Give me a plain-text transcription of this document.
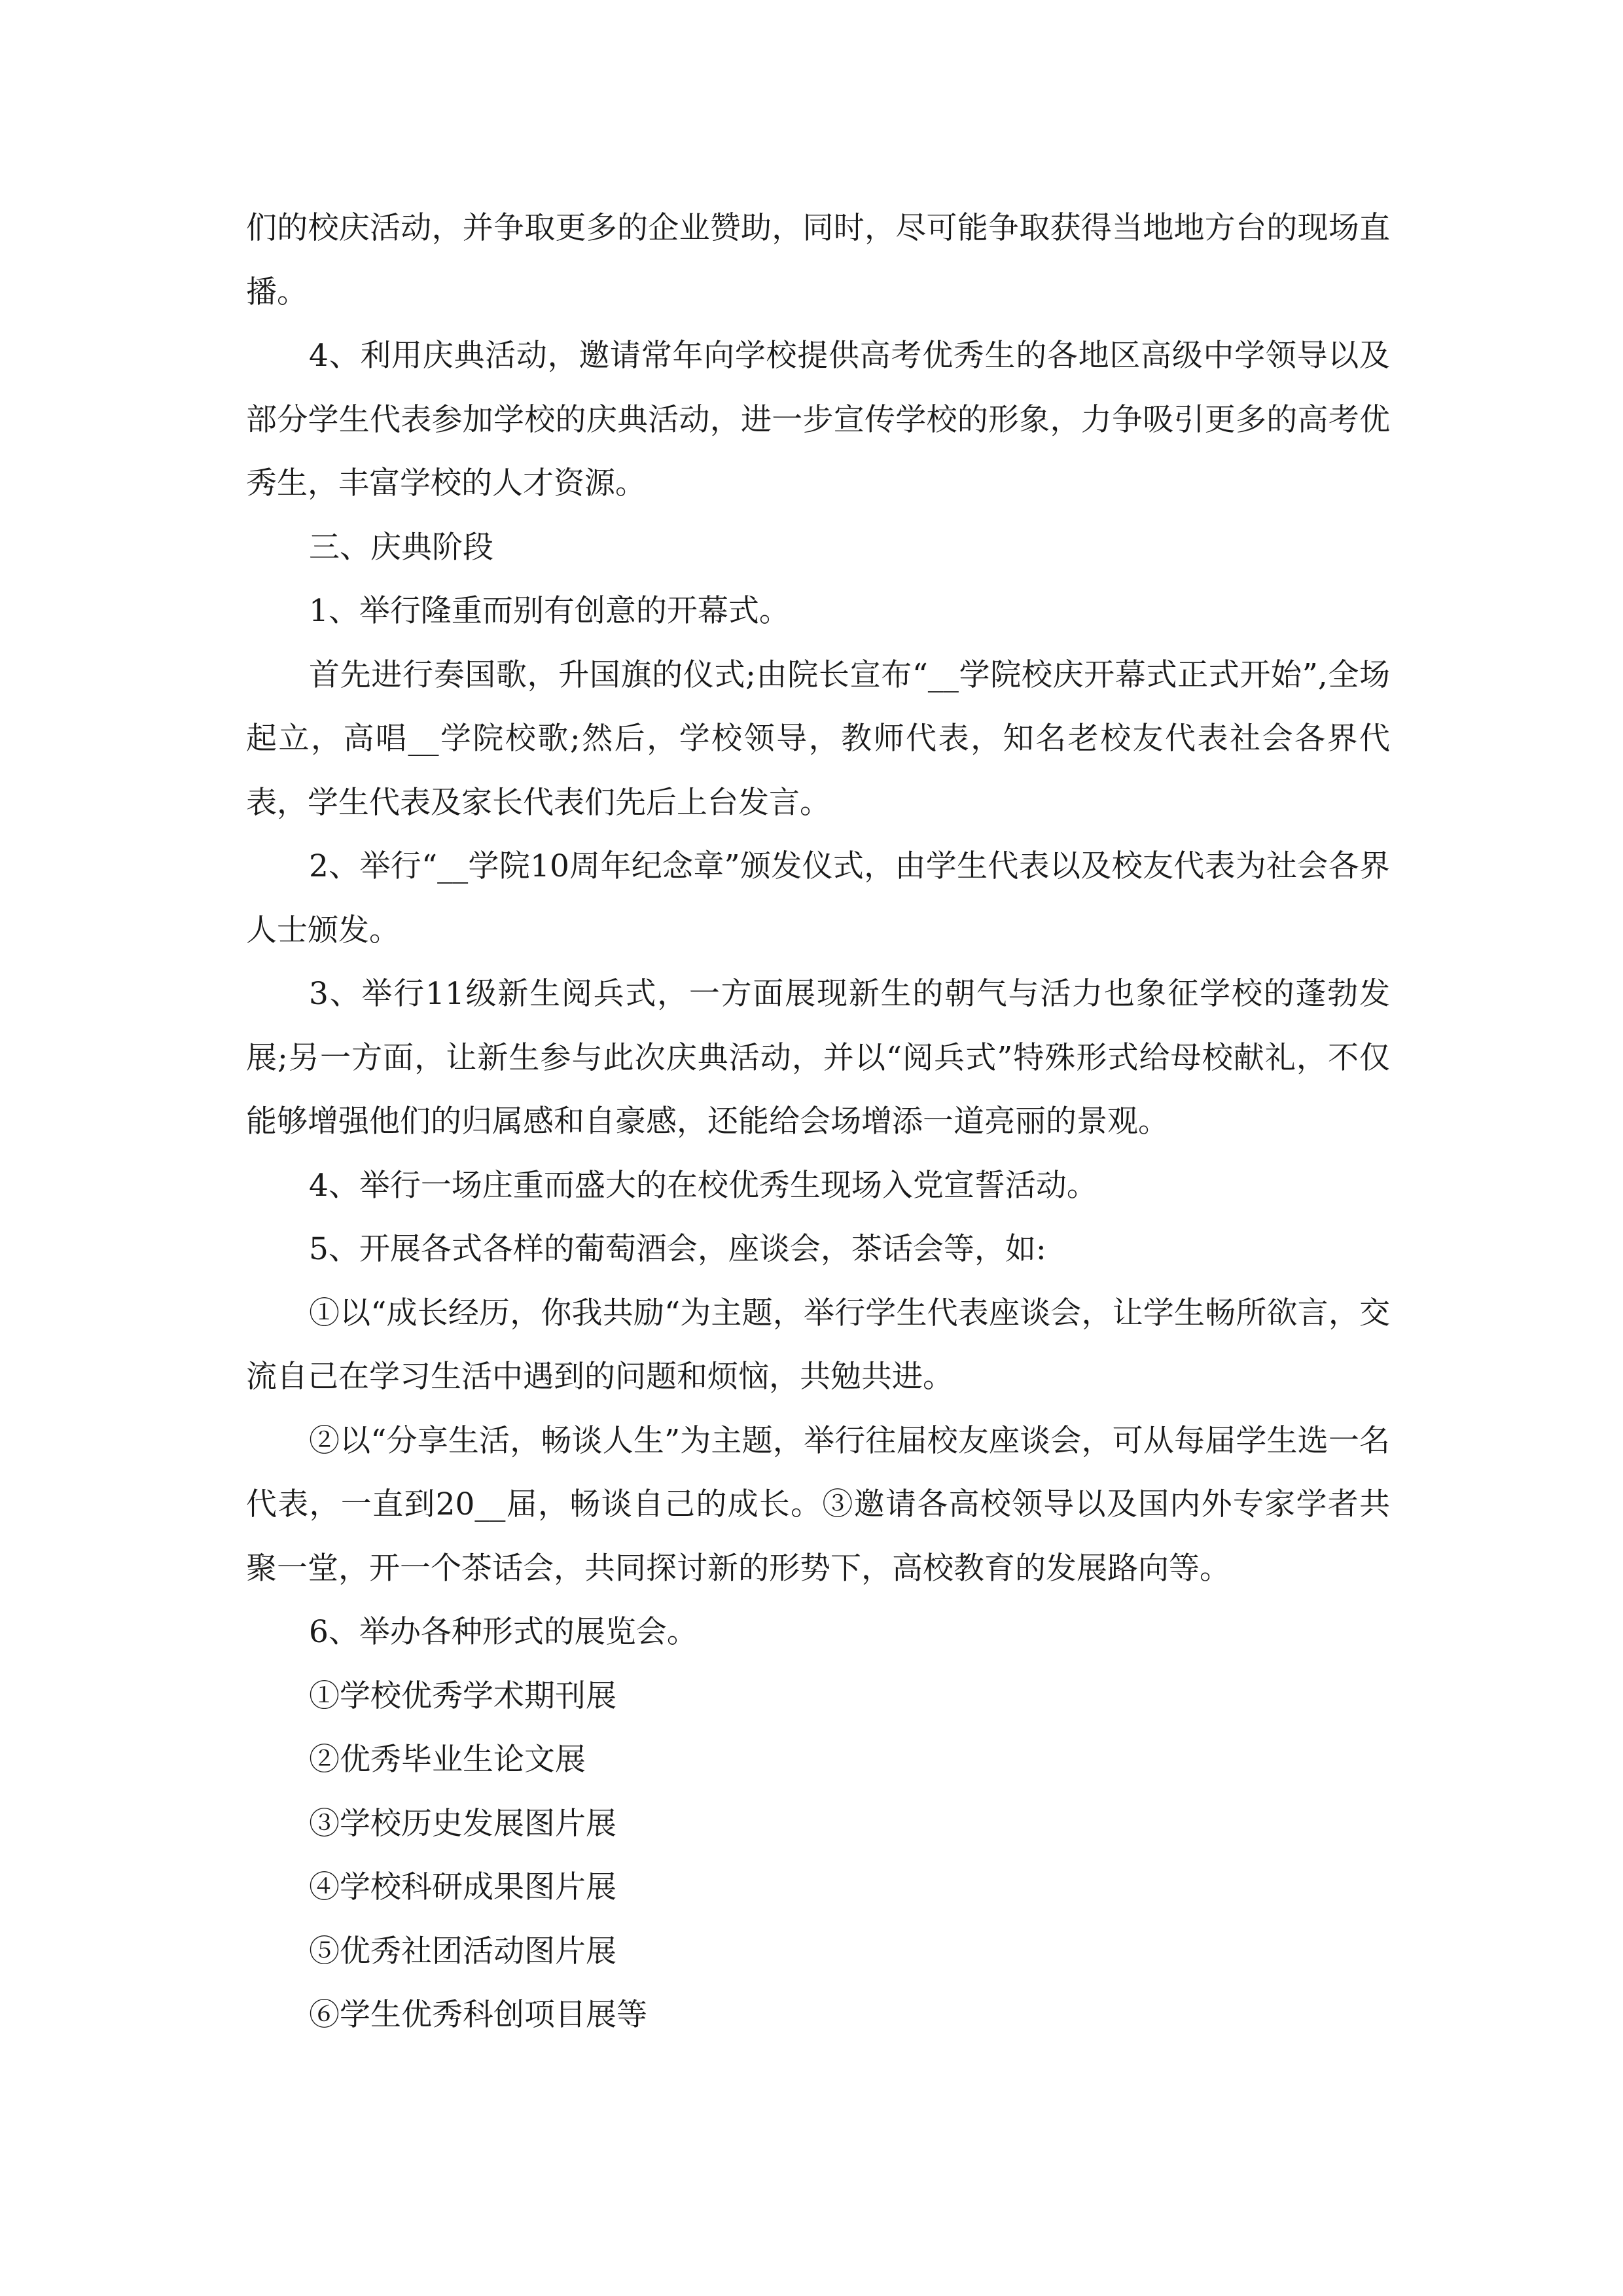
们的校庆活动，并争取更多的企业赞助，同时，尽可能争取获得当地地方台的现场直播。

4、利用庆典活动，邀请常年向学校提供高考优秀生的各地区高级中学领导以及部分学生代表参加学校的庆典活动，进一步宣传学校的形象，力争吸引更多的高考优秀生，丰富学校的人才资源。

三、庆典阶段

1、举行隆重而别有创意的开幕式。

首先进行奏国歌，升国旗的仪式;由院长宣布“__学院校庆开幕式正式开始”,全场起立，高唱__学院校歌;然后，学校领导，教师代表，知名老校友代表社会各界代表，学生代表及家长代表们先后上台发言。

2、举行“__学院10周年纪念章”颁发仪式，由学生代表以及校友代表为社会各界人士颁发。

3、举行11级新生阅兵式，一方面展现新生的朝气与活力也象征学校的蓬勃发展;另一方面，让新生参与此次庆典活动，并以“阅兵式”特殊形式给母校献礼，不仅能够增强他们的归属感和自豪感，还能给会场增添一道亮丽的景观。

4、举行一场庄重而盛大的在校优秀生现场入党宣誓活动。

5、开展各式各样的葡萄酒会，座谈会，茶话会等，如:

①以“成长经历，你我共励“为主题，举行学生代表座谈会，让学生畅所欲言，交流自己在学习生活中遇到的问题和烦恼，共勉共进。

②以“分享生活，畅谈人生”为主题，举行往届校友座谈会，可从每届学生选一名代表，一直到20__届，畅谈自己的成长。③邀请各高校领导以及国内外专家学者共聚一堂，开一个茶话会，共同探讨新的形势下，高校教育的发展路向等。

6、举办各种形式的展览会。

①学校优秀学术期刊展

②优秀毕业生论文展

③学校历史发展图片展

④学校科研成果图片展

⑤优秀社团活动图片展

⑥学生优秀科创项目展等
